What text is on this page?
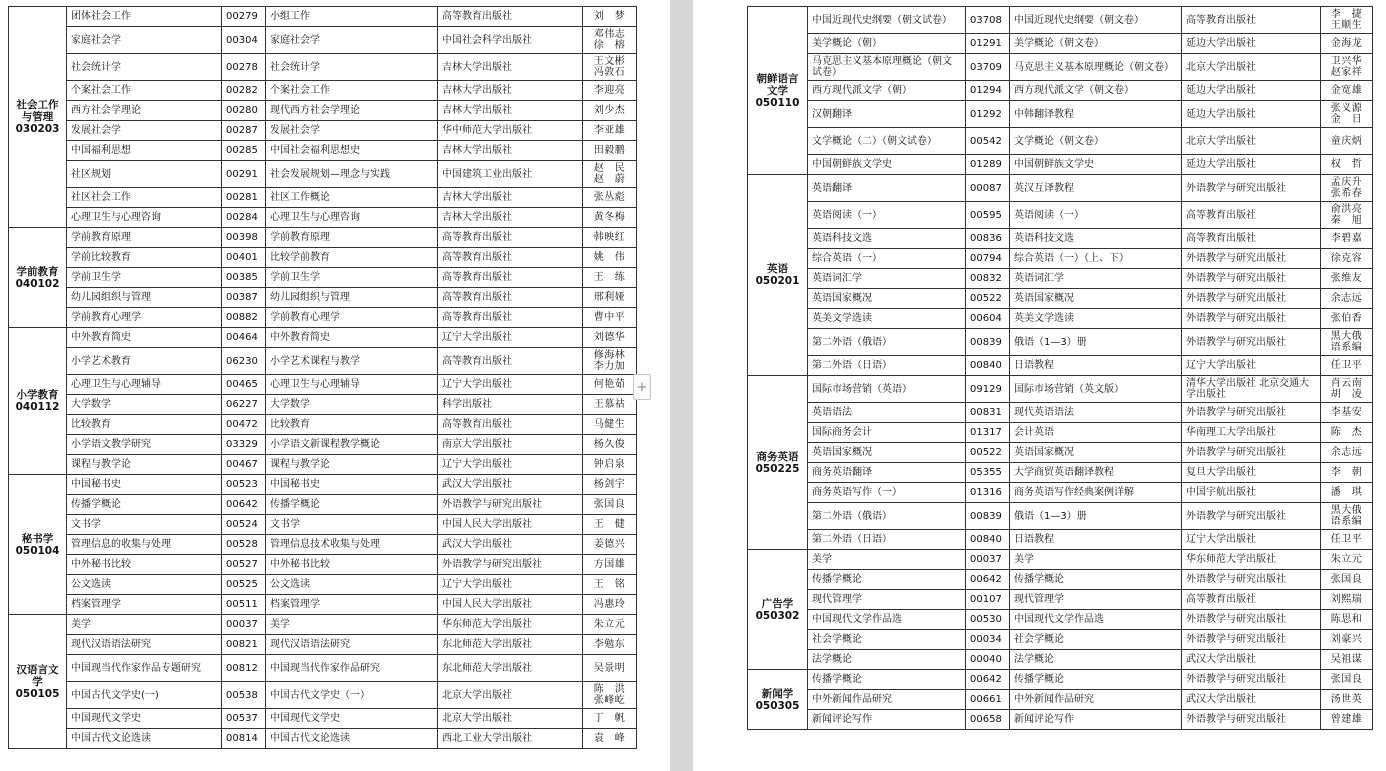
社会工作与管理
030203	团体社会工作	00279	小组工作	高等教育出版社	刘　梦
	家庭社会学	00304	家庭社会学	中国社会科学出版社	邓伟志 徐　榕
	社会统计学	00278	社会统计学	吉林大学出版社	王文彬 冯敦石
	个案社会工作	00282	个案社会工作	吉林大学出版社	李迎亮
	西方社会学理论	00280	现代西方社会学理论	吉林大学出版社	刘少杰
	发展社会学	00287	发展社会学	华中师范大学出版社	李亚雄
	中国福利思想	00285	中国社会福利思想史	吉林大学出版社	田毅鹏
	社区规划	00291	社会发展规划—理念与实践	中国建筑工业出版社	赵　民 赵　蔚
	社区社会工作	00281	社区工作概论	吉林大学出版社	张丛彪
	心理卫生与心理咨询	00284	心理卫生与心理咨询	吉林大学出版社	黄冬梅

学前教育
040102	学前教育原理	00398	学前教育原理	高等教育出版社	韩映红
	学前比较教育	00401	比较学前教育	高等教育出版社	姚　伟
	学前卫生学	00385	学前卫生学	高等教育出版社	王　练
	幼儿园组织与管理	00387	幼儿园组织与管理	高等教育出版社	邢利娅
	学前教育心理学	00882	学前教育心理学	高等教育出版社	曹中平

小学教育
040112	中外教育简史	00464	中外教育简史	辽宁大学出版社	刘德华
	小学艺术教育	06230	小学艺术课程与教学	高等教育出版社	修海林 李力加
	心理卫生与心理辅导	00465	心理卫生与心理辅导	辽宁大学出版社	何艳茹
	大学数学	06227	大学数学	科学出版社	王慕祜
	比较教育	00472	比较教育	高等教育出版社	马健生
	小学语文教学研究	03329	小学语文新课程教学概论	南京大学出版社	杨久俊
	课程与教学论	00467	课程与教学论	辽宁大学出版社	钟启泉

秘书学
050104	中国秘书史	00523	中国秘书史	武汉大学出版社	杨剑宇
	传播学概论	00642	传播学概论	外语教学与研究出版社	张国良
	文书学	00524	文书学	中国人民大学出版社	王　健
	管理信息的收集与处理	00528	管理信息技术收集与处理	武汉大学出版社	姜德兴
	中外秘书比较	00527	中外秘书比较	外语教学与研究出版社	方国雄
	公文选读	00525	公文选读	辽宁大学出版社	王　铭
	档案管理学	00511	档案管理学	中国人民大学出版社	冯惠玲

汉语言文学
050105	美学	00037	美学	华东师范大学出版社	朱立元
	现代汉语语法研究	00821	现代汉语语法研究	东北师范大学出版社	李勉东
	中国现当代作家作品专题研究	00812	中国现当代作家作品研究	东北师范大学出版社	吴景明
	中国古代文学史(一)	00538	中国古代文学史（一）	北京大学出版社	陈　洪 张峰屹
	中国现代文学史	00537	中国现代文学史	北京大学出版社	丁　帆
	中国古代文论选读	00814	中国古代文论选读	西北工业大学出版社	袁　峰
朝鲜语言文学
050110	中国近现代史纲要（朝文试卷）	03708	中国近现代史纲要（朝文卷）	高等教育出版社	李　捷 王顺生
	美学概论（朝）	01291	美学概论（朝文卷）	延边大学出版社	金海龙
	马克思主义基本原理概论（朝文试卷）	03709	马克思主义基本原理概论（朝文卷）	北京大学出版社	卫兴华 赵家祥
	西方现代派文学（朝）	01294	西方现代派文学（朝文卷）	延边大学出版社	金宽雄
	汉朝翻译	01292	中韩翻译教程	延边大学出版社	张义源 金　日
	文学概论（二）（朝文试卷）	00542	文学概论（朝文卷）	北京大学出版社	童庆炳
	中国朝鲜族文学史	01289	中国朝鲜族文学史	延边大学出版社	权　哲

英语
050201	英语翻译	00087	英汉互译教程	外语教学与研究出版社	孟庆升 张希春
	英语阅读（一）	00595	英语阅读（一）	高等教育出版社	俞洪亮 秦　旭
	英语科技文选	00836	英语科技文选	高等教育出版社	李碧嘉
	综合英语（一）	00794	综合英语（一）（上、下）	外语教学与研究出版社	徐克容
	英语词汇学	00832	英语词汇学	外语教学与研究出版社	张维友
	英语国家概况	00522	英语国家概况	外语教学与研究出版社	余志远
	英美文学选读	00604	英美文学选读	外语教学与研究出版社	张伯香
	第二外语（俄语）	00839	俄语（1—3）册	外语教学与研究出版社	黑大俄 语系编
	第二外语（日语）	00840	日语教程	辽宁大学出版社	任卫平

商务英语
050225	国际市场营销（英语）	09129	国际市场营销（英文版）	清华大学出版社 北京交通大学出版社	肖云南 胡　凌
	英语语法	00831	现代英语语法	外语教学与研究出版社	李基安
	国际商务会计	01317	会计英语	华南理工大学出版社	陈　杰
	英语国家概况	00522	英语国家概况	外语教学与研究出版社	余志远
	商务英语翻译	05355	大学商贸英语翻译教程	复旦大学出版社	李　朝
	商务英语写作（一）	01316	商务英语写作经典案例详解	中国宇航出版社	潘　琪
	第二外语（俄语）	00839	俄语（1—3）册	外语教学与研究出版社	黑大俄 语系编
	第二外语（日语）	00840	日语教程	辽宁大学出版社	任卫平

广告学
050302	美学	00037	美学	华东师范大学出版社	朱立元
	传播学概论	00642	传播学概论	外语教学与研究出版社	张国良
	现代管理学	00107	现代管理学	高等教育出版社	刘熙瑞
	中国现代文学作品选	00530	中国现代文学作品选	外语教学与研究出版社	陈思和
	社会学概论	00034	社会学概论	外语教学与研究出版社	刘豪兴
	法学概论	00040	法学概论	武汉大学出版社	吴祖谋

新闻学
050305	传播学概论	00642	传播学概论	外语教学与研究出版社	张国良
	中外新闻作品研究	00661	中外新闻作品研究	武汉大学出版社	汤世英
	新闻评论写作	00658	新闻评论写作	外语教学与研究出版社	曾建雄
+
